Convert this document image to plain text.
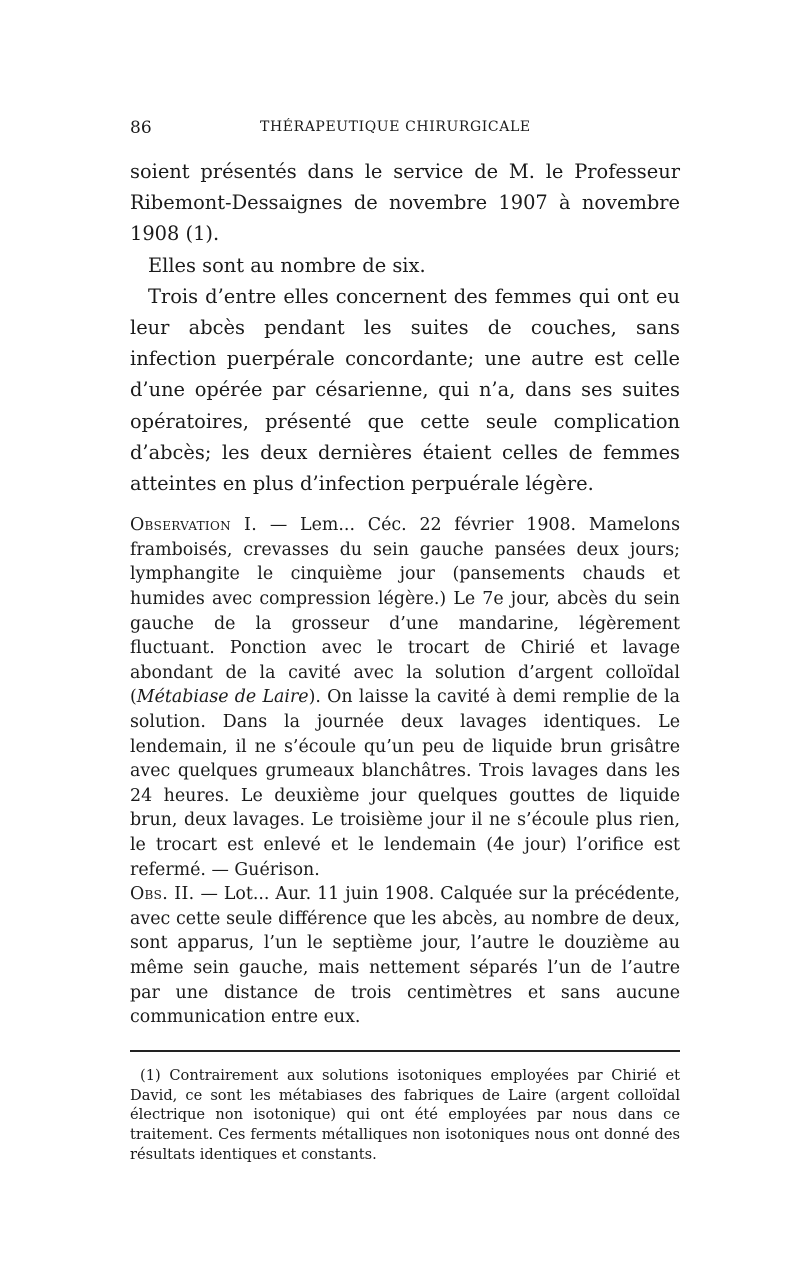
86	THÉRAPEUTIQUE CHIRURGICALE

soient présentés dans le service de M. le Professeur Ribemont-Dessaignes de novembre 1907 à novembre 1908 (1).

Elles sont au nombre de six.

Trois d’entre elles concernent des femmes qui ont eu leur abcès pendant les suites de couches, sans infection puerpérale concordante; une autre est celle d’une opérée par césarienne, qui n’a, dans ses suites opératoires, présenté que cette seule complication d’abcès; les deux dernières étaient celles de femmes atteintes en plus d’infection perpuérale légère.

Observation I. — Lem... Céc. 22 février 1908. Mamelons framboisés, crevasses du sein gauche pansées deux jours; lymphangite le cinquième jour (pansements chauds et humides avec compression légère.) Le 7e jour, abcès du sein gauche de la grosseur d’une mandarine, légèrement fluctuant. Ponction avec le trocart de Chirié et lavage abondant de la cavité avec la solution d’argent colloïdal (Métabiase de Laire). On laisse la cavité à demi remplie de la solution. Dans la journée deux lavages identiques. Le lendemain, il ne s’écoule qu’un peu de liquide brun grisâtre avec quelques grumeaux blanchâtres. Trois lavages dans les 24 heures. Le deuxième jour quelques gouttes de liquide brun, deux lavages. Le troisième jour il ne s’écoule plus rien, le trocart est enlevé et le lendemain (4e jour) l’orifice est refermé. — Guérison.

Obs. II. — Lot... Aur. 11 juin 1908. Calquée sur la précédente, avec cette seule différence que les abcès, au nombre de deux, sont apparus, l’un le septième jour, l’autre le douzième au même sein gauche, mais nettement séparés l’un de l’autre par une distance de trois centimètres et sans aucune communication entre eux.

(1) Contrairement aux solutions isotoniques employées par Chirié et David, ce sont les métabiases des fabriques de Laire (argent colloïdal électrique non isotonique) qui ont été employées par nous dans ce traitement. Ces ferments métalliques non isotoniques nous ont donné des résultats identiques et constants.
